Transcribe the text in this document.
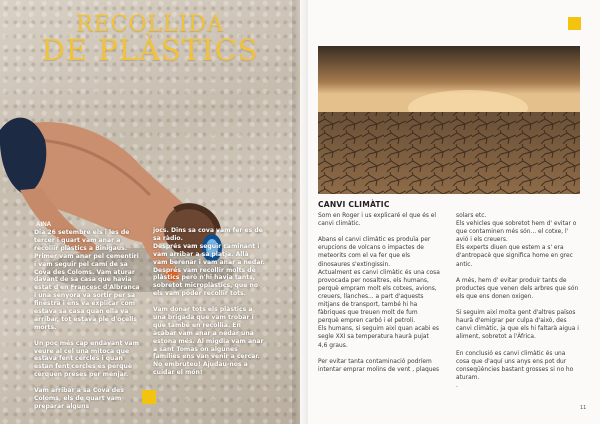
RECOLLIDA
DE PLÀSTICS
AINA

Dia 26 setembre els i les de tercer i quart vam anar a recollir plàstics a Binigaus. Primer vam anar pel cementiri i vam seguir pel camí de sa Cova des Coloms. Vam aturar davant de sa casa que havia estat d'en Francesc d'Albranca i una senyora va sortir per sa finestra i ens va explicar com estava sa casa quan ella va arribar, tot estava ple d'ocells morts.

Un poc més cap endavant vam veure al cel una mitoca que estava fent cercles i quan estan fent cercles és perquè cerquen preses per menjar.

Vam arribar a sa Cova des Coloms, els de quart vam preparar alguns

jocs. Dins sa cova vam fer es de sa ràdio.

Després vam seguir caminant i vam arribar a sa platja. Allà vam berenar i vam anar a nedar. Després vam recollir molts de plàstics però n'hi havia tants, sobretot microplàstics, que no els vam poder recollir tots.

Vam donar tots els plàstics a una brigada que vam trobar i que també en recollia. En acabar vam anar a nedar una estona més. Al migdia vam anar a sant Tomas on algunes famílies ens van venir a cercar.

No embruteu! Ajudau-nos a cuidar el món!

CANVI CLIMÀTIC

Som en Roger i us explicaré el que és el canvi climàtic.

Abans el canvi climàtic es produïa per erupcions de volcans o impactes de meteorits com el va fer que els dinosaures s'extingissin.

Actualment es canvi climàtic és una cosa provocada per nosaltres, els humans, perquè empram molt els cotxes, avions, creuers, llanches... a part d'aquests mitjans de transport, també hi ha fàbriques que treuen molt de fum perquè empren carbó i el petroli.

Els humans, si seguim així quan acabi es segle XXI sa temperatura haurà pujat 4,6 graus.

Per evitar tanta contaminació podríem intentar emprar molins de vent , plaques

solars etc.

Els vehicles que sobretot hem d' evitar o que contaminen més són... el cotxe, l' avió i els creuers.

Els experts diuen que estem a s' era d'antropacè que significa home en grec antic.

A més, hem d' evitar produir tants de productes que venen dels arbres que són els que ens donen oxigen.

Si seguim així molta gent d'altres països haurà d'emigrar per culpa d'això, des canvi climàtic, ja que els hi faltarà aigua i aliment, sobretot a l'Àfrica.

En conclusió es canvi climàtic és una cosa que d'aquí uns anys ens pot dur conseqüències bastant grosses si no ho aturam.

.

11
